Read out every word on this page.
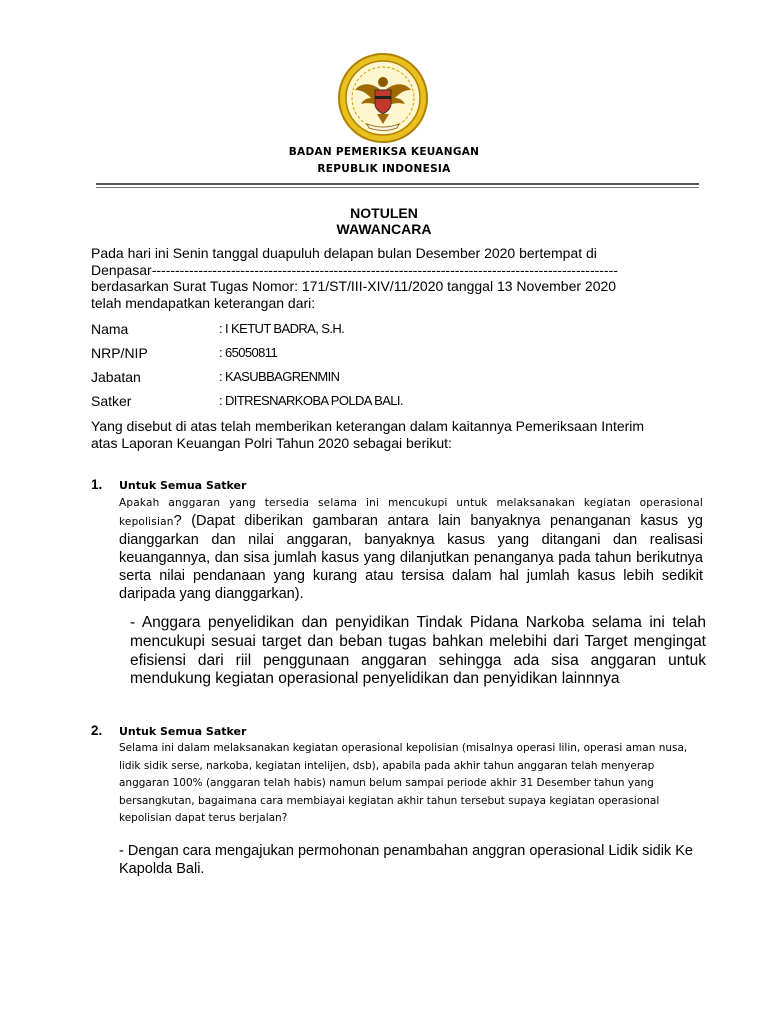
BADAN PEMERIKSA KEUANGAN
REPUBLIK INDONESIA
NOTULEN
WAWANCARA
Pada hari ini Senin tanggal duapuluh delapan bulan Desember 2020 bertempat di
Denpasar----------------------------------------------------------------------------------------------------
berdasarkan Surat Tugas Nomor: 171/ST/III-XIV/11/2020 tanggal 13 November 2020
telah mendapatkan keterangan dari:
Nama	: I KETUT BADRA, S.H.
NRP/NIP	: 65050811
Jabatan	: KASUBBAGRENMIN
Satker	: DITRESNARKOBA POLDA BALI.
Yang disebut di atas telah memberikan keterangan dalam kaitannya Pemeriksaan Interim
atas Laporan Keuangan Polri Tahun 2020 sebagai berikut:
1. Untuk Semua Satker
Apakah anggaran yang tersedia selama ini mencukupi untuk melaksanakan kegiatan operasional kepolisian? (Dapat diberikan gambaran antara lain banyaknya penanganan kasus yg dianggarkan dan nilai anggaran, banyaknya kasus yang ditangani dan realisasi keuangannya, dan sisa jumlah kasus yang dilanjutkan penanganya pada tahun berikutnya serta nilai pendanaan yang kurang atau tersisa dalam hal jumlah kasus lebih sedikit daripada yang dianggarkan).
- Anggara penyelidikan dan penyidikan Tindak Pidana Narkoba selama ini telah mencukupi sesuai target dan beban tugas bahkan melebihi dari Target mengingat efisiensi dari riil penggunaan anggaran sehingga ada sisa anggaran untuk mendukung kegiatan operasional penyelidikan dan penyidikan lainnnya
2. Untuk Semua Satker
Selama ini dalam melaksanakan kegiatan operasional kepolisian (misalnya operasi lilin, operasi aman nusa, lidik sidik serse, narkoba, kegiatan intelijen, dsb), apabila pada akhir tahun anggaran telah menyerap anggaran 100% (anggaran telah habis) namun belum sampai periode akhir 31 Desember tahun yang bersangkutan, bagaimana cara membiayai kegiatan akhir tahun tersebut supaya kegiatan operasional kepolisian dapat terus berjalan?
- Dengan cara mengajukan permohonan penambahan anggran operasional Lidik sidik Ke Kapolda Bali.
